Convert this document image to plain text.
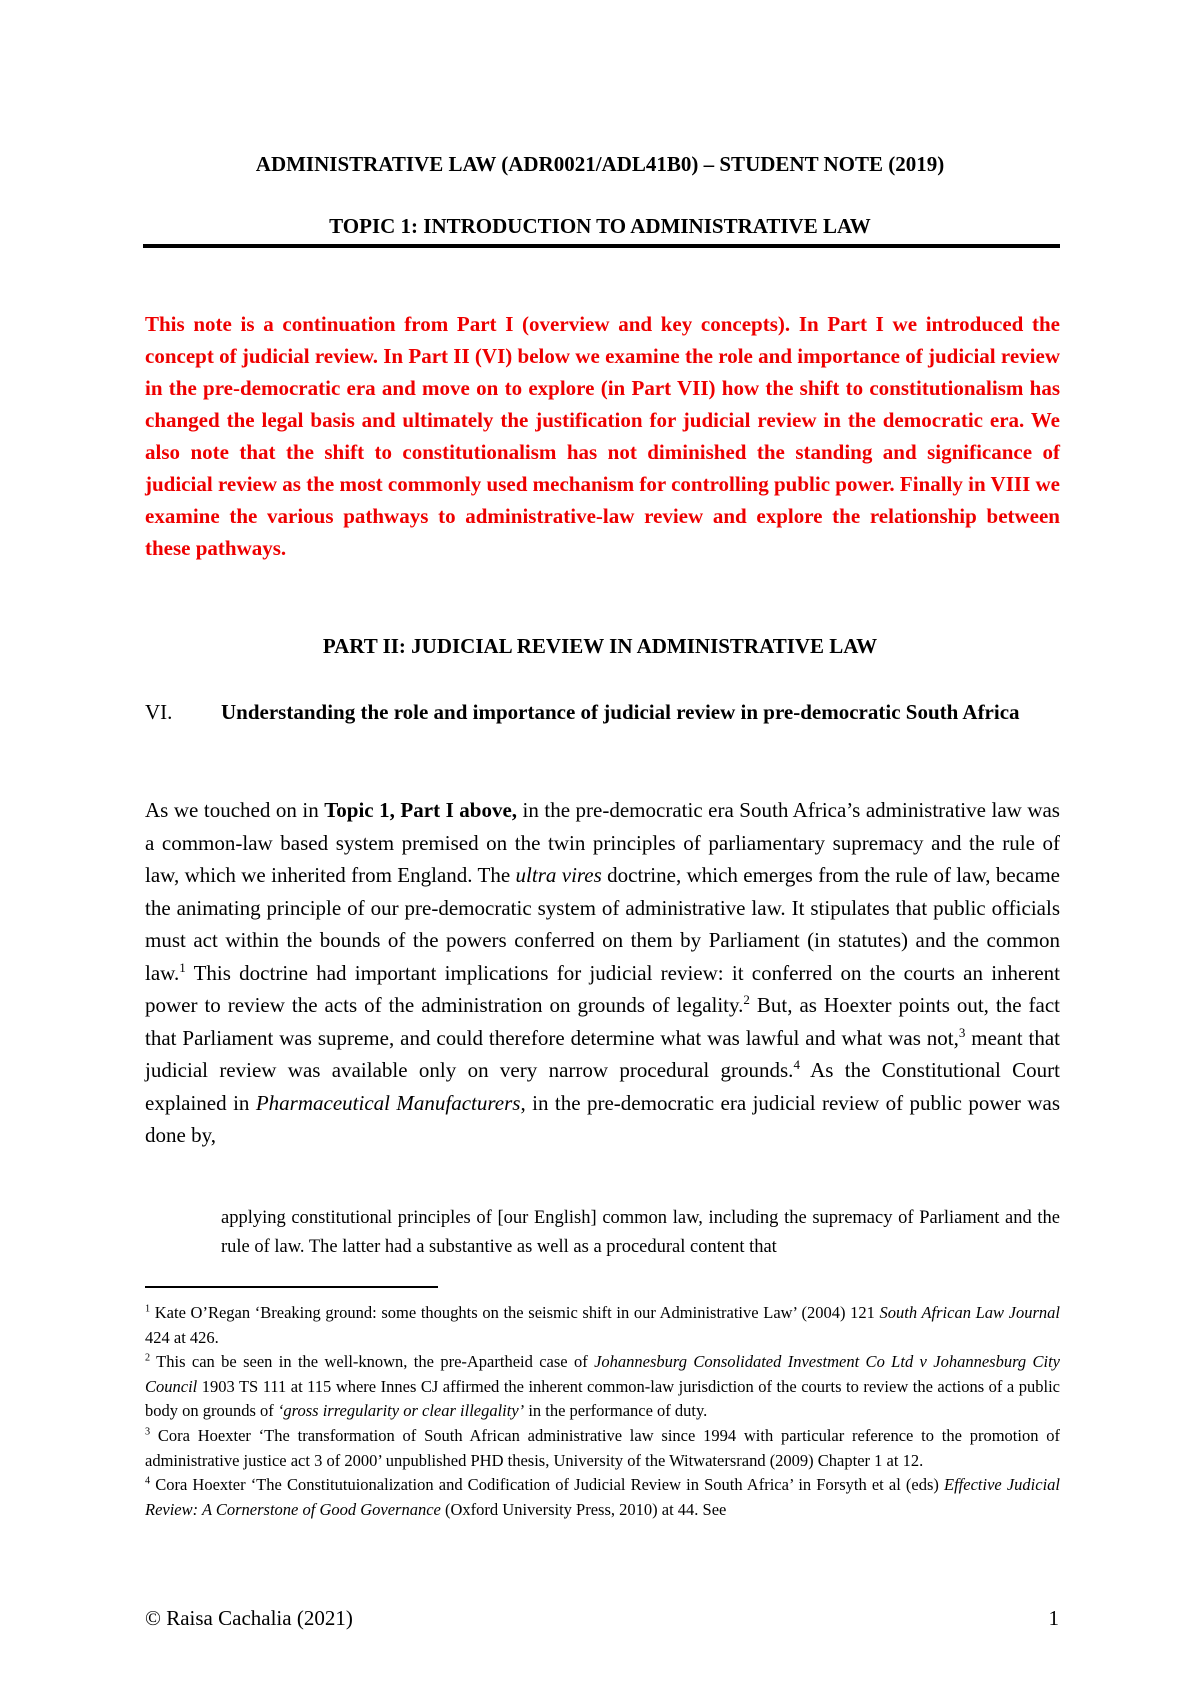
ADMINISTRATIVE LAW (ADR0021/ADL41B0) – STUDENT NOTE (2019)
TOPIC 1: INTRODUCTION TO ADMINISTRATIVE LAW

This note is a continuation from Part I (overview and key concepts). In Part I we introduced the concept of judicial review. In Part II (VI) below we examine the role and importance of judicial review in the pre-democratic era and move on to explore (in Part VII) how the shift to constitutionalism has changed the legal basis and ultimately the justification for judicial review in the democratic era. We also note that the shift to constitutionalism has not diminished the standing and significance of judicial review as the most commonly used mechanism for controlling public power. Finally in VIII we examine the various pathways to administrative-law review and explore the relationship between these pathways.

PART II: JUDICIAL REVIEW IN ADMINISTRATIVE LAW
VI. Understanding the role and importance of judicial review in pre-democratic South Africa

As we touched on in Topic 1, Part I above, in the pre-democratic era South Africa’s administrative law was a common-law based system premised on the twin principles of parliamentary supremacy and the rule of law, which we inherited from England. The ultra vires doctrine, which emerges from the rule of law, became the animating principle of our pre-democratic system of administrative law. It stipulates that public officials must act within the bounds of the powers conferred on them by Parliament (in statutes) and the common law.$^1$ This doctrine had important implications for judicial review: it conferred on the courts an inherent power to review the acts of the administration on grounds of legality.$^2$ But, as Hoexter points out, the fact that Parliament was supreme, and could therefore determine what was lawful and what was not,$^3$ meant that judicial review was available only on very narrow procedural grounds.$^4$ As the Constitutional Court explained in Pharmaceutical Manufacturers, in the pre-democratic era judicial review of public power was done by,

applying constitutional principles of [our English] common law, including the supremacy of Parliament and the rule of law. The latter had a substantive as well as a procedural content that

$^1$ Kate O’Regan ‘Breaking ground: some thoughts on the seismic shift in our Administrative Law’ (2004) 121 South African Law Journal 424 at 426.

$^2$ This can be seen in the well-known, the pre-Apartheid case of Johannesburg Consolidated Investment Co Ltd v Johannesburg City Council 1903 TS 111 at 115 where Innes CJ affirmed the inherent common-law jurisdiction of the courts to review the actions of a public body on grounds of ‘gross irregularity or clear illegality’ in the performance of duty.

$^3$ Cora Hoexter ‘The transformation of South African administrative law since 1994 with particular reference to the promotion of administrative justice act 3 of 2000’ unpublished PHD thesis, University of the Witwatersrand (2009) Chapter 1 at 12.

$^4$ Cora Hoexter ‘The Constitutuionalization and Codification of Judicial Review in South Africa’ in Forsyth et al (eds) Effective Judicial Review: A Cornerstone of Good Governance (Oxford University Press, 2010) at 44. See

© Raisa Cachalia (2021)	1
